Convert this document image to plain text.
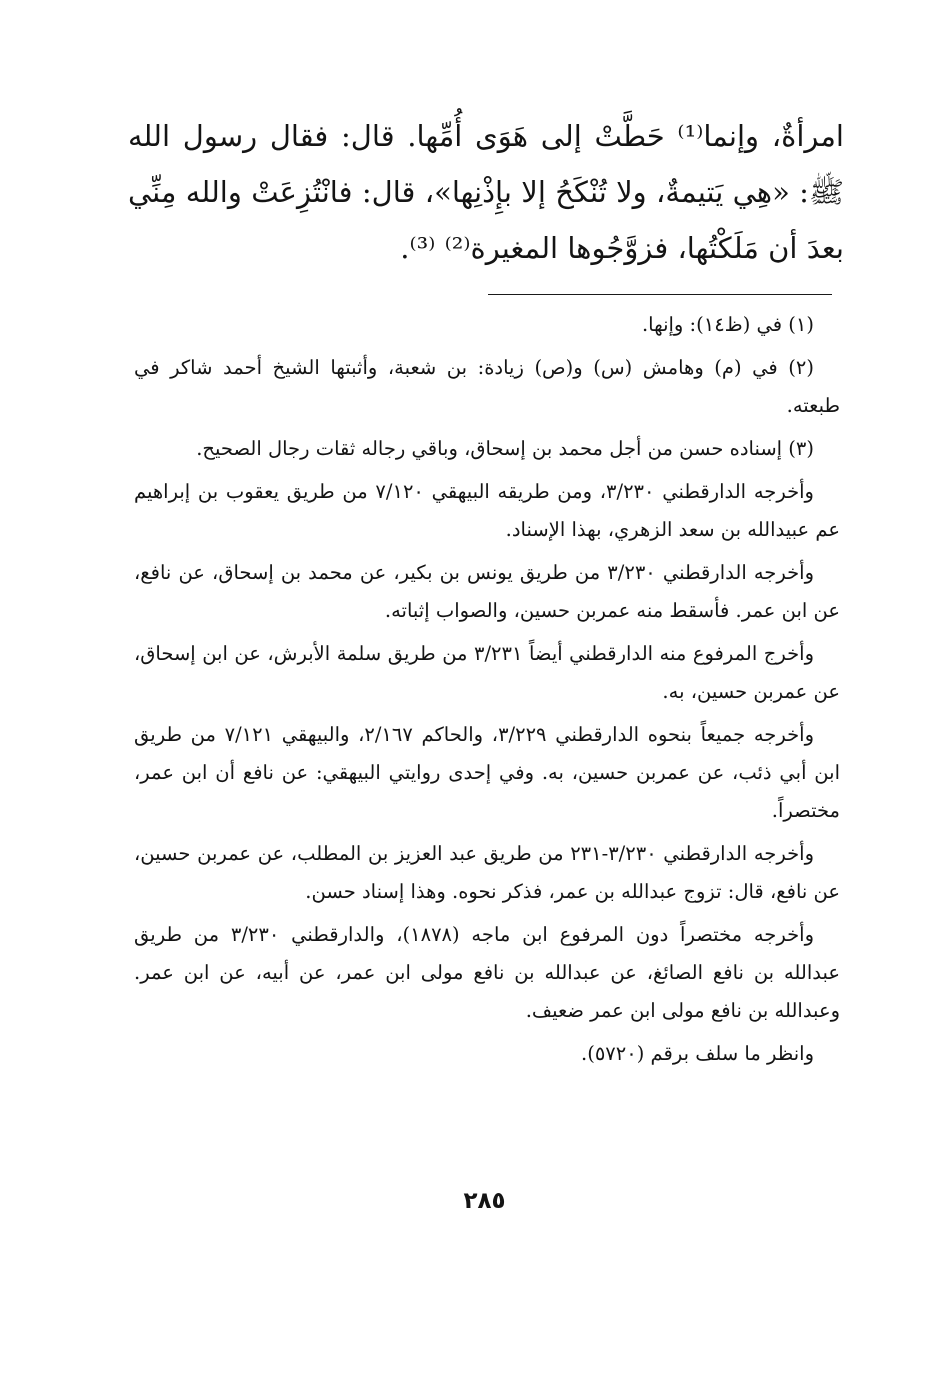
امرأةٌ، وإنما⁽¹⁾ حَطَّتْ إلى هَوَى أُمِّها. قال: فقال رسول الله ﷺ: «هِي يَتيمةٌ، ولا تُنْكَحُ إلا بإِذْنِها»، قال: فانْتُزِعَتْ والله مِنِّي بعدَ أن مَلَكْتُها، فزوَّجُوها المغيرة⁽²⁾ ⁽³⁾.

(١) في (ظ١٤): وإنها.

(٢) في (م) وهامش (س) و(ص) زيادة: بن شعبة، وأثبتها الشيخ أحمد شاكر في طبعته.

(٣) إسناده حسن من أجل محمد بن إسحاق، وباقي رجاله ثقات رجال الصحيح.

وأخرجه الدارقطني ٣/٢٣٠، ومن طريقه البيهقي ٧/١٢٠ من طريق يعقوب بن إبراهيم عم عبيدالله بن سعد الزهري، بهذا الإسناد.

وأخرجه الدارقطني ٣/٢٣٠ من طريق يونس بن بكير، عن محمد بن إسحاق، عن نافع، عن ابن عمر. فأسقط منه عمربن حسين، والصواب إثباته.

وأخرج المرفوع منه الدارقطني أيضاً ٣/٢٣١ من طريق سلمة الأبرش، عن ابن إسحاق، عن عمربن حسين، به.

وأخرجه جميعاً بنحوه الدارقطني ٣/٢٢٩، والحاكم ٢/١٦٧، والبيهقي ٧/١٢١ من طريق ابن أبي ذئب، عن عمربن حسين، به. وفي إحدى روايتي البيهقي: عن نافع أن ابن عمر، مختصراً.

وأخرجه الدارقطني ٣/٢٣٠-٢٣١ من طريق عبد العزيز بن المطلب، عن عمربن حسين، عن نافع، قال: تزوج عبدالله بن عمر، فذكر نحوه. وهذا إسناد حسن.

وأخرجه مختصراً دون المرفوع ابن ماجه (١٨٧٨)، والدارقطني ٣/٢٣٠ من طريق عبدالله بن نافع الصائغ، عن عبدالله بن نافع مولى ابن عمر، عن أبيه، عن ابن عمر. وعبدالله بن نافع مولى ابن عمر ضعيف.

وانظر ما سلف برقم (٥٧٢٠).

٢٨٥
